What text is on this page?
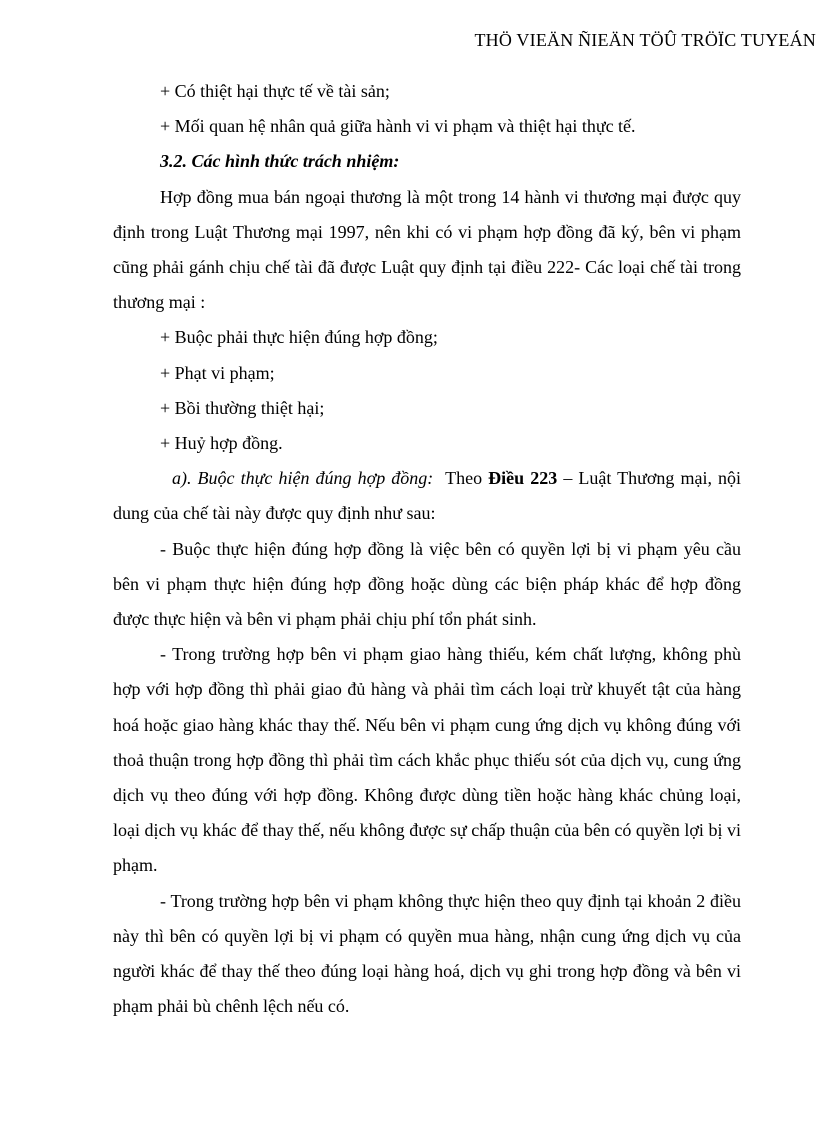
THÖ VIEÄN ÑIEÄN TÖÛ TRÖÏC TUYEÁN

+ Có thiệt hại thực tế về tài sản;

+ Mối quan hệ nhân quả giữa hành vi vi phạm và thiệt hại thực tế.

3.2. Các hình thức trách nhiệm:

Hợp đồng mua bán ngoại thương là một trong 14 hành vi thương mại được quy định trong Luật Thương mại 1997, nên khi có vi phạm hợp đồng đã ký, bên vi phạm cũng phải gánh chịu chế tài đã được Luật quy định tại điều 222- Các loại chế tài trong thương mại :

+ Buộc phải thực hiện đúng hợp đồng;

+ Phạt vi phạm;

+ Bồi thường thiệt hại;

+ Huỷ hợp đồng.

a). Buộc thực hiện đúng hợp đồng: Theo Điều 223 – Luật Thương mại, nội dung của chế tài này được quy định như sau:

- Buộc thực hiện đúng hợp đồng là việc bên có quyền lợi bị vi phạm yêu cầu bên vi phạm thực hiện đúng hợp đồng hoặc dùng các biện pháp khác để hợp đồng được thực hiện và bên vi phạm phải chịu phí tổn phát sinh.

- Trong trường hợp bên vi phạm giao hàng thiếu, kém chất lượng, không phù hợp với hợp đồng thì phải giao đủ hàng và phải tìm cách loại trừ khuyết tật của hàng hoá hoặc giao hàng khác thay thế. Nếu bên vi phạm cung ứng dịch vụ không đúng với thoả thuận trong hợp đồng thì phải tìm cách khắc phục thiếu sót của dịch vụ, cung ứng dịch vụ theo đúng với hợp đồng. Không được dùng tiền hoặc hàng khác chủng loại, loại dịch vụ khác để thay thế, nếu không được sự chấp thuận của bên có quyền lợi bị vi phạm.

- Trong trường hợp bên vi phạm không thực hiện theo quy định tại khoản 2 điều này thì bên có quyền lợi bị vi phạm có quyền mua hàng, nhận cung ứng dịch vụ của người khác để thay thế theo đúng loại hàng hoá, dịch vụ ghi trong hợp đồng và bên vi phạm phải bù chênh lệch nếu có.
